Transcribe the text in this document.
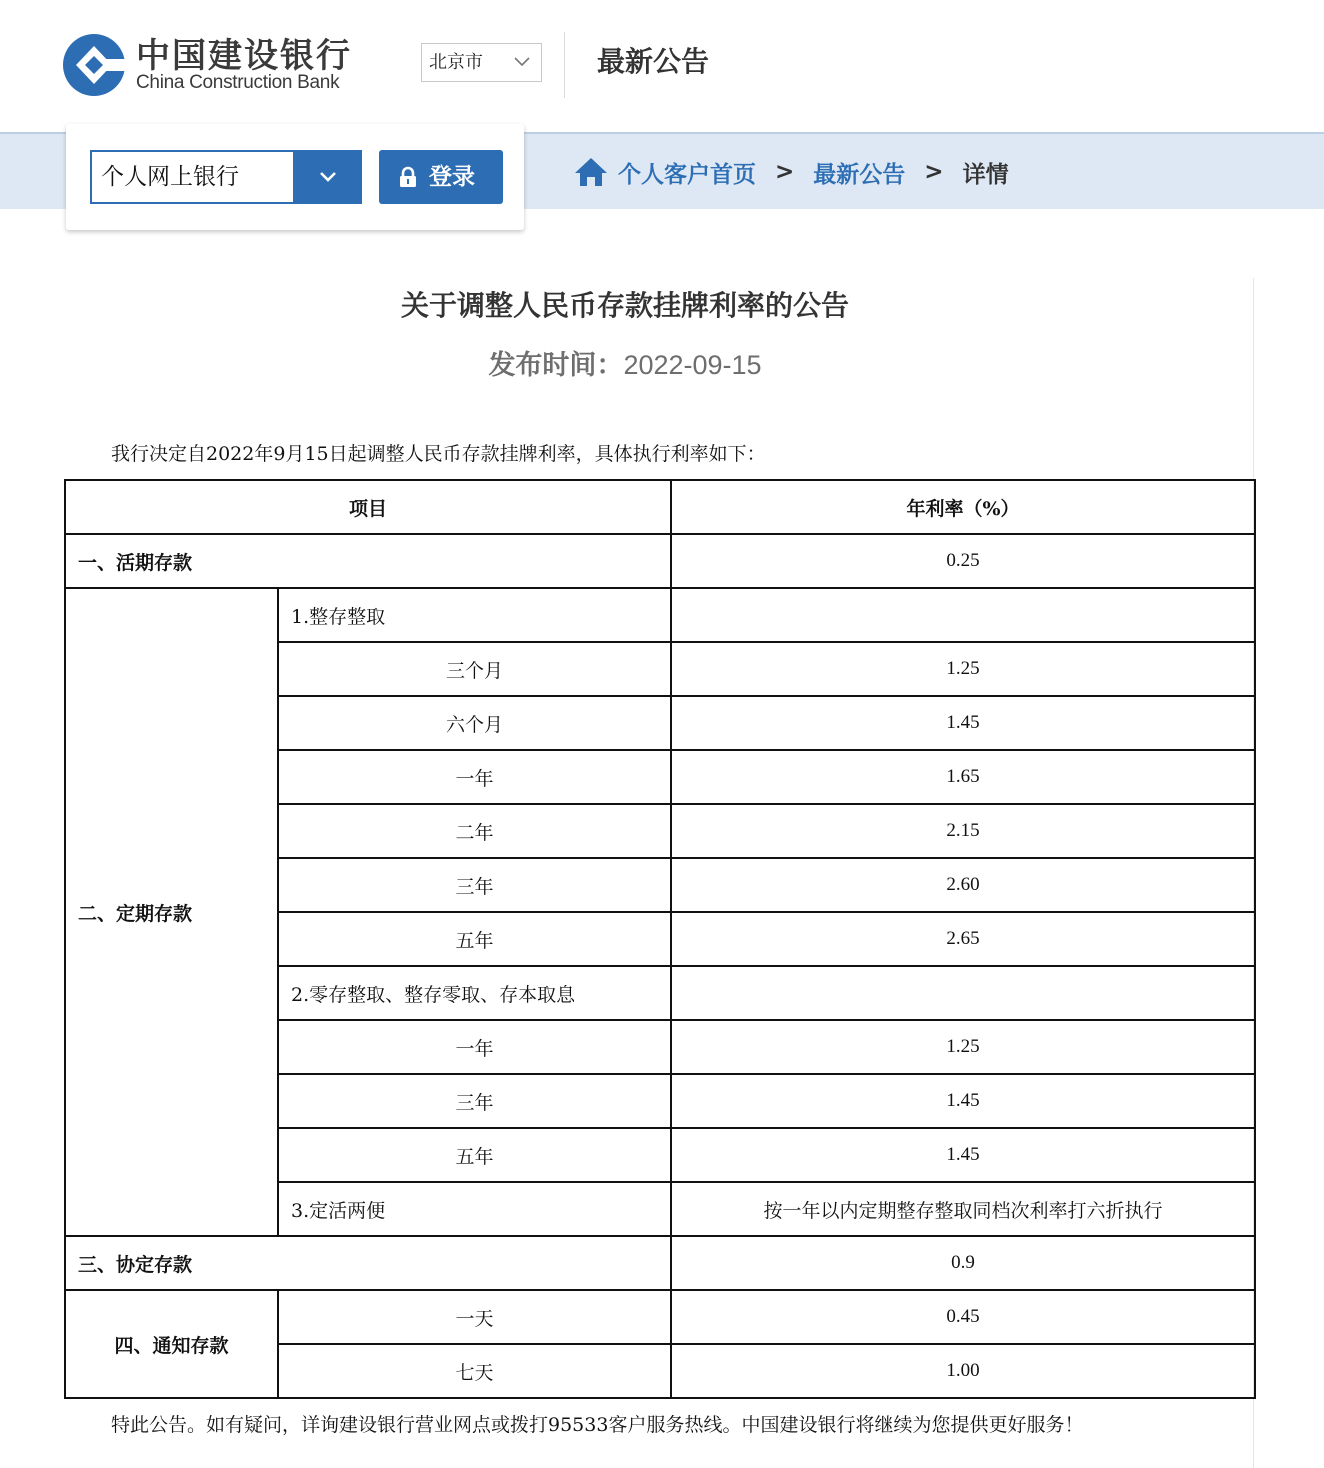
中国建设银行
China Construction Bank
北京市	最新公告
个人网上银行	登录	个人客户首页 > 最新公告 > 详情
关于调整人民币存款挂牌利率的公告
发布时间：2022-09-15

我行决定自2022年9月15日起调整人民币存款挂牌利率，具体执行利率如下：

项目		年利率（%）
一、活期存款		0.25
二、定期存款	1.整存整取	
	三个月	1.25
	六个月	1.45
	一年	1.65
	二年	2.15
	三年	2.60
	五年	2.65
	2.零存整取、整存零取、存本取息	
	一年	1.25
	三年	1.45
	五年	1.45
	3.定活两便	按一年以内定期整存整取同档次利率打六折执行
三、协定存款		0.9
四、通知存款	一天	0.45
	七天	1.00

特此公告。如有疑问，详询建设银行营业网点或拨打95533客户服务热线。中国建设银行将继续为您提供更好服务！
